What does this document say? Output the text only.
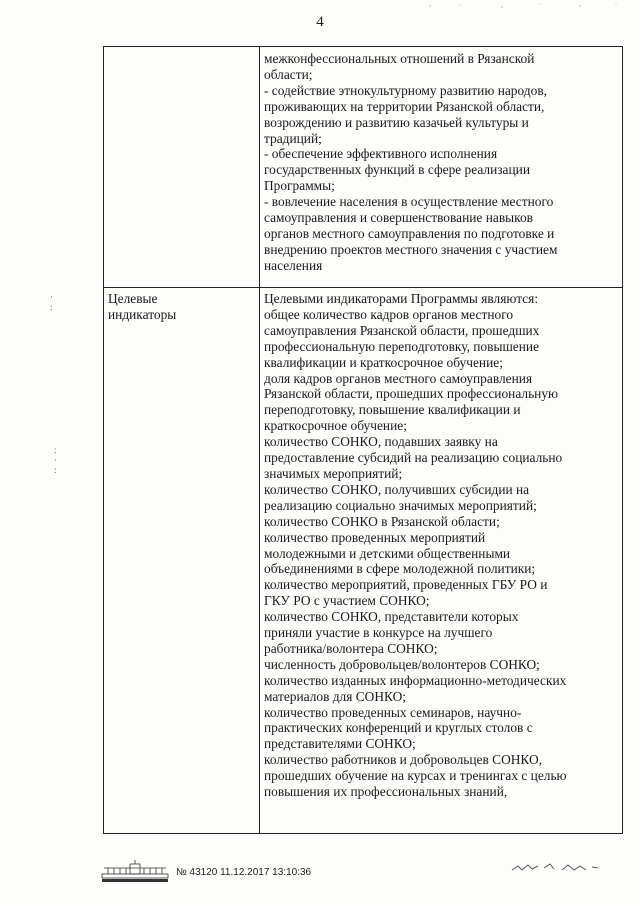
4
·
:
:
·
:
межконфессиональных отношений в Рязанской
области;
- содействие этнокультурному развитию народов,
проживающих на территории Рязанской области,
возрождению и развитию казачьей культуры и
традиций;
- обеспечение эффективного исполнения
государственных функций в сфере реализации
Программы;
- вовлечение населения в осуществление местного
самоуправления и совершенствование навыков
органов местного самоуправления по подготовке и
внедрению проектов местного значения с участием
населения
Целевые
индикаторы
Целевыми индикаторами Программы являются:
общее количество кадров органов местного
самоуправления Рязанской области, прошедших
профессиональную переподготовку, повышение
квалификации и краткосрочное обучение;
доля кадров органов местного самоуправления
Рязанской области, прошедших профессиональную
переподготовку, повышение квалификации и
краткосрочное обучение;
количество СОНКО, подавших заявку на
предоставление субсидий на реализацию социально
значимых мероприятий;
количество СОНКО, получивших субсидии на
реализацию социально значимых мероприятий;
количество СОНКО в Рязанской области;
количество проведенных мероприятий
молодежными и детскими общественными
объединениями в сфере молодежной политики;
количество мероприятий, проведенных ГБУ РО и
ГКУ РО с участием СОНКО;
количество СОНКО, представители которых
приняли участие в конкурсе на лучшего
работника/волонтера СОНКО;
численность добровольцев/волонтеров СОНКО;
количество изданных информационно-методических
материалов для СОНКО;
количество проведенных семинаров, научно-
практических конференций и круглых столов с
представителями СОНКО;
количество работников и добровольцев СОНКО,
прошедших обучение на курсах и тренингах с целью
повышения их профессиональных знаний,
№ 43120 11.12.2017 13:10:36
